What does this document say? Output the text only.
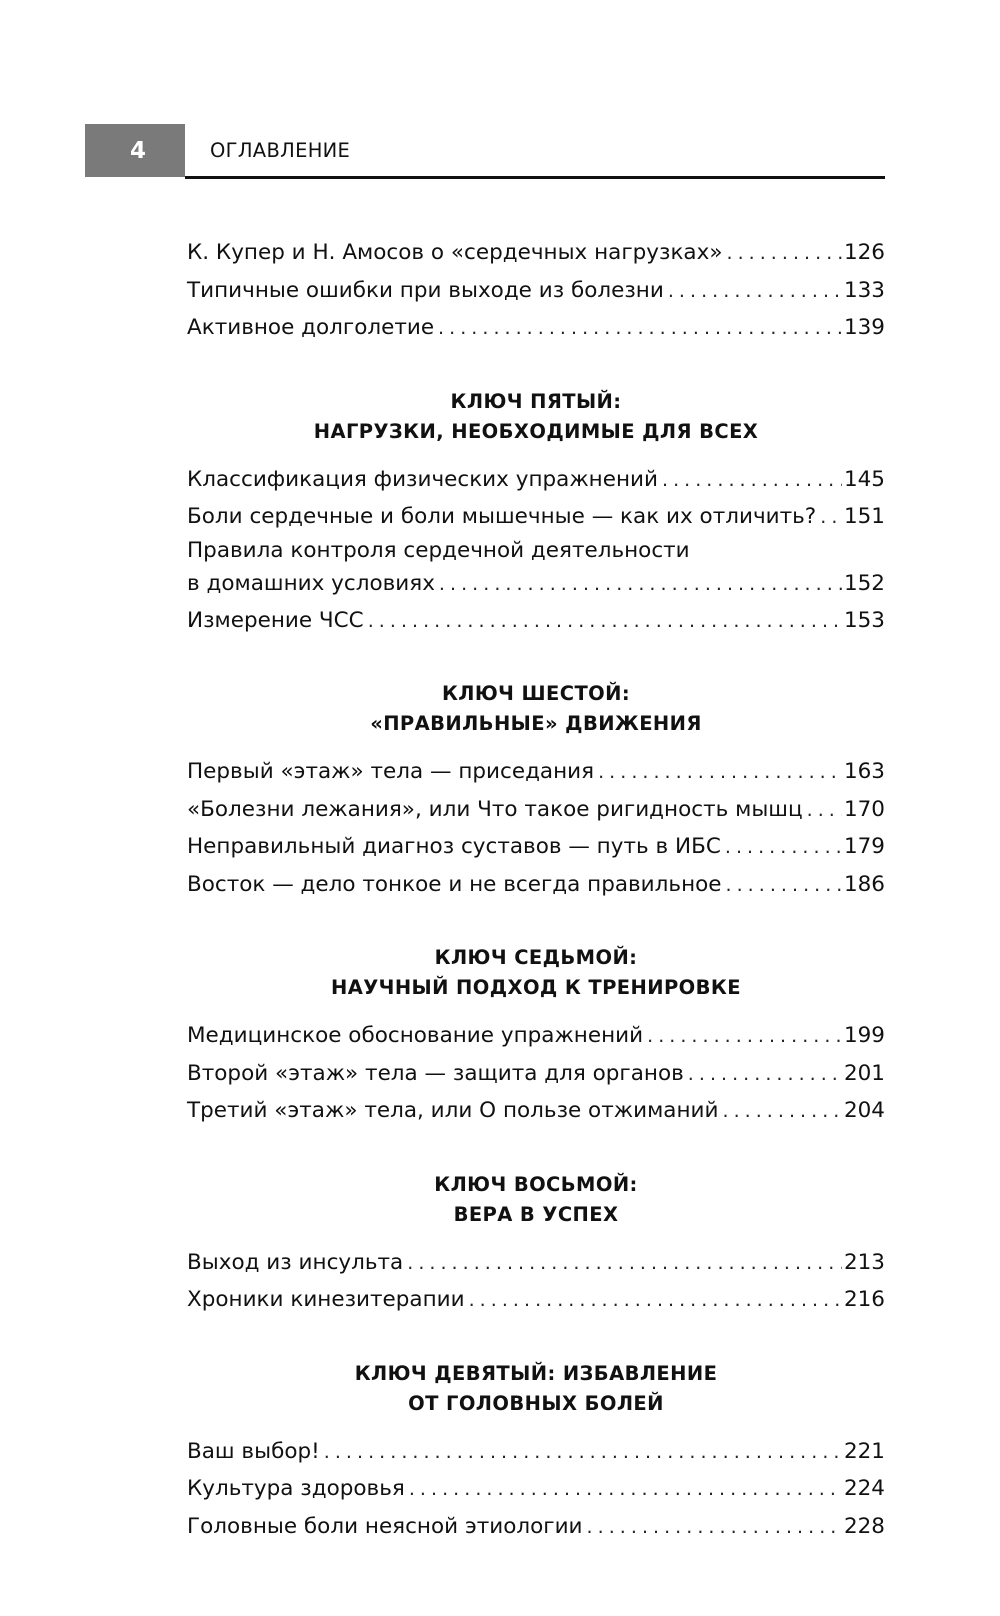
4	ОГЛАВЛЕНИЕ
К. Купер и Н. Амосов о «сердечных нагрузках» . . .	126
Типичные ошибки при выходе из болезни . . .	133
Активное долголетие . . .	139
КЛЮЧ ПЯТЫЙ:
НАГРУЗКИ, НЕОБХОДИМЫЕ ДЛЯ ВСЕХ
Классификация физических упражнений . . .	145
Боли сердечные и боли мышечные — как их отличить? . . . 151
Правила контроля сердечной деятельности
в домашних условиях . . .	152
Измерение ЧСС . . .	153
КЛЮЧ ШЕСТОЙ:
«ПРАВИЛЬНЫЕ» ДВИЖЕНИЯ
Первый «этаж» тела — приседания . . .	163
«Болезни лежания», или Что такое ригидность мышц . . . 170
Неправильный диагноз суставов — путь в ИБС . . .	179
Восток — дело тонкое и не всегда правильное . . .	186
КЛЮЧ СЕДЬМОЙ:
НАУЧНЫЙ ПОДХОД К ТРЕНИРОВКЕ
Медицинское обоснование упражнений . . .	199
Второй «этаж» тела — защита для органов . . .	201
Третий «этаж» тела, или О пользе отжиманий . . .	204
КЛЮЧ ВОСЬМОЙ:
ВЕРА В УСПЕХ
Выход из инсульта . . .	213
Хроники кинезитерапии . . .	216
КЛЮЧ ДЕВЯТЫЙ: ИЗБАВЛЕНИЕ
ОТ ГОЛОВНЫХ БОЛЕЙ
Ваш выбор! . . .	221
Культура здоровья . . .	224
Головные боли неясной этиологии . . .	228
